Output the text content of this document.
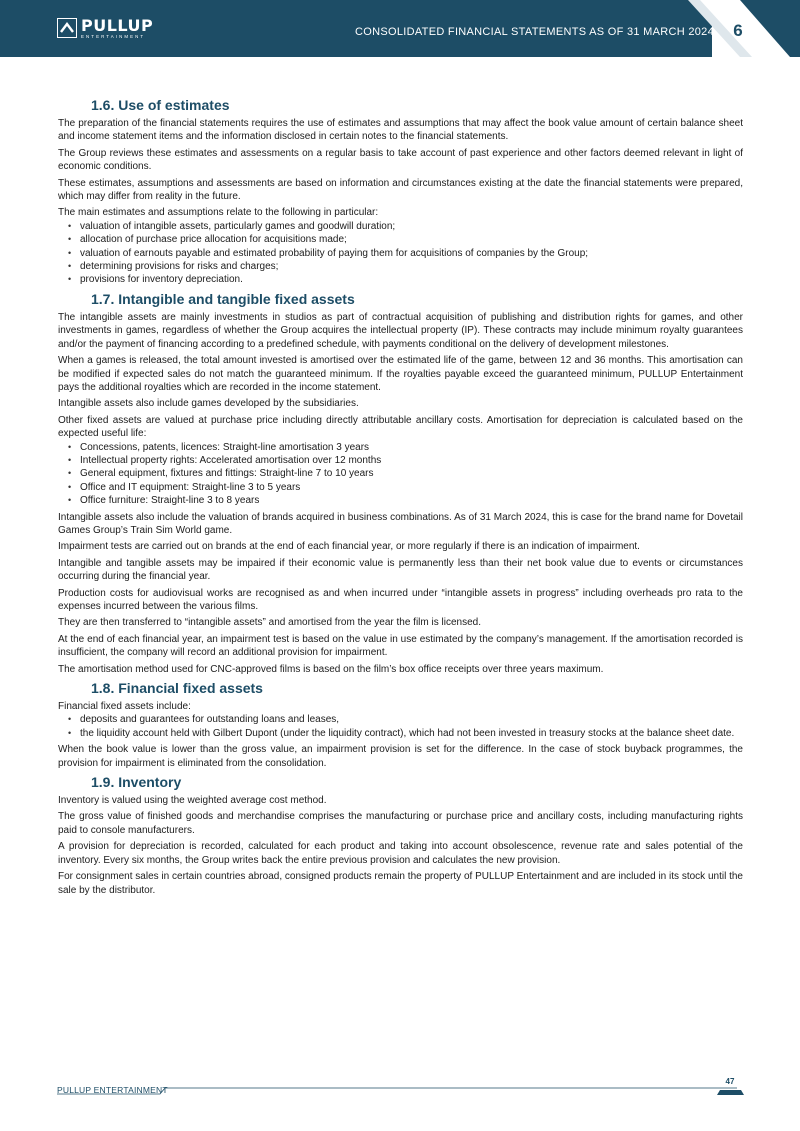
PULLUP
ENTERTAINMENT	CONSOLIDATED FINANCIAL STATEMENTS AS OF 31 MARCH 2024	6
1.6. Use of estimates

The preparation of the financial statements requires the use of estimates and assumptions that may affect the book value amount of certain balance sheet and income statement items and the information disclosed in certain notes to the financial statements.

The Group reviews these estimates and assessments on a regular basis to take account of past experience and other factors deemed relevant in light of economic conditions.

These estimates, assumptions and assessments are based on information and circumstances existing at the date the financial statements were prepared, which may differ from reality in the future.

The main estimates and assumptions relate to the following in particular:

• valuation of intangible assets, particularly games and goodwill duration;
• allocation of purchase price allocation for acquisitions made;
• valuation of earnouts payable and estimated probability of paying them for acquisitions of companies by the Group;
• determining provisions for risks and charges;
• provisions for inventory depreciation.
1.7. Intangible and tangible fixed assets

The intangible assets are mainly investments in studios as part of contractual acquisition of publishing and distribution rights for games, and other investments in games, regardless of whether the Group acquires the intellectual property (IP). These contracts may include minimum royalty guarantees and/or the payment of financing according to a predefined schedule, with payments conditional on the delivery of development milestones.

When a games is released, the total amount invested is amortised over the estimated life of the game, between 12 and 36 months. This amortisation can be modified if expected sales do not match the guaranteed minimum. If the royalties payable exceed the guaranteed minimum, PULLUP Entertainment pays the additional royalties which are recorded in the income statement.

Intangible assets also include games developed by the subsidiaries.

Other fixed assets are valued at purchase price including directly attributable ancillary costs. Amortisation for depreciation is calculated based on the expected useful life:

• Concessions, patents, licences: Straight-line amortisation 3 years
• Intellectual property rights: Accelerated amortisation over 12 months
• General equipment, fixtures and fittings: Straight-line 7 to 10 years
• Office and IT equipment: Straight-line 3 to 5 years
• Office furniture: Straight-line 3 to 8 years

Intangible assets also include the valuation of brands acquired in business combinations. As of 31 March 2024, this is case for the brand name for Dovetail Games Group’s Train Sim World game.

Impairment tests are carried out on brands at the end of each financial year, or more regularly if there is an indication of impairment.

Intangible and tangible assets may be impaired if their economic value is permanently less than their net book value due to events or circumstances occurring during the financial year.

Production costs for audiovisual works are recognised as and when incurred under “intangible assets in progress” including overheads pro rata to the expenses incurred between the various films.

They are then transferred to “intangible assets” and amortised from the year the film is licensed.

At the end of each financial year, an impairment test is based on the value in use estimated by the company’s management. If the amortisation recorded is insufficient, the company will record an additional provision for impairment.

The amortisation method used for CNC-approved films is based on the film’s box office receipts over three years maximum.

1.8. Financial fixed assets

Financial fixed assets include:

• deposits and guarantees for outstanding loans and leases,
• the liquidity account held with Gilbert Dupont (under the liquidity contract), which had not been invested in treasury stocks at the balance sheet date.

When the book value is lower than the gross value, an impairment provision is set for the difference. In the case of stock buyback programmes, the provision for impairment is eliminated from the consolidation.

1.9. Inventory

Inventory is valued using the weighted average cost method.

The gross value of finished goods and merchandise comprises the manufacturing or purchase price and ancillary costs, including manufacturing rights paid to console manufacturers.

A provision for depreciation is recorded, calculated for each product and taking into account obsolescence, revenue rate and sales potential of the inventory. Every six months, the Group writes back the entire previous provision and calculates the new provision.

For consignment sales in certain countries abroad, consigned products remain the property of PULLUP Entertainment and are included in its stock until the sale by the distributor.

PULLUP ENTERTAINMENT
47
